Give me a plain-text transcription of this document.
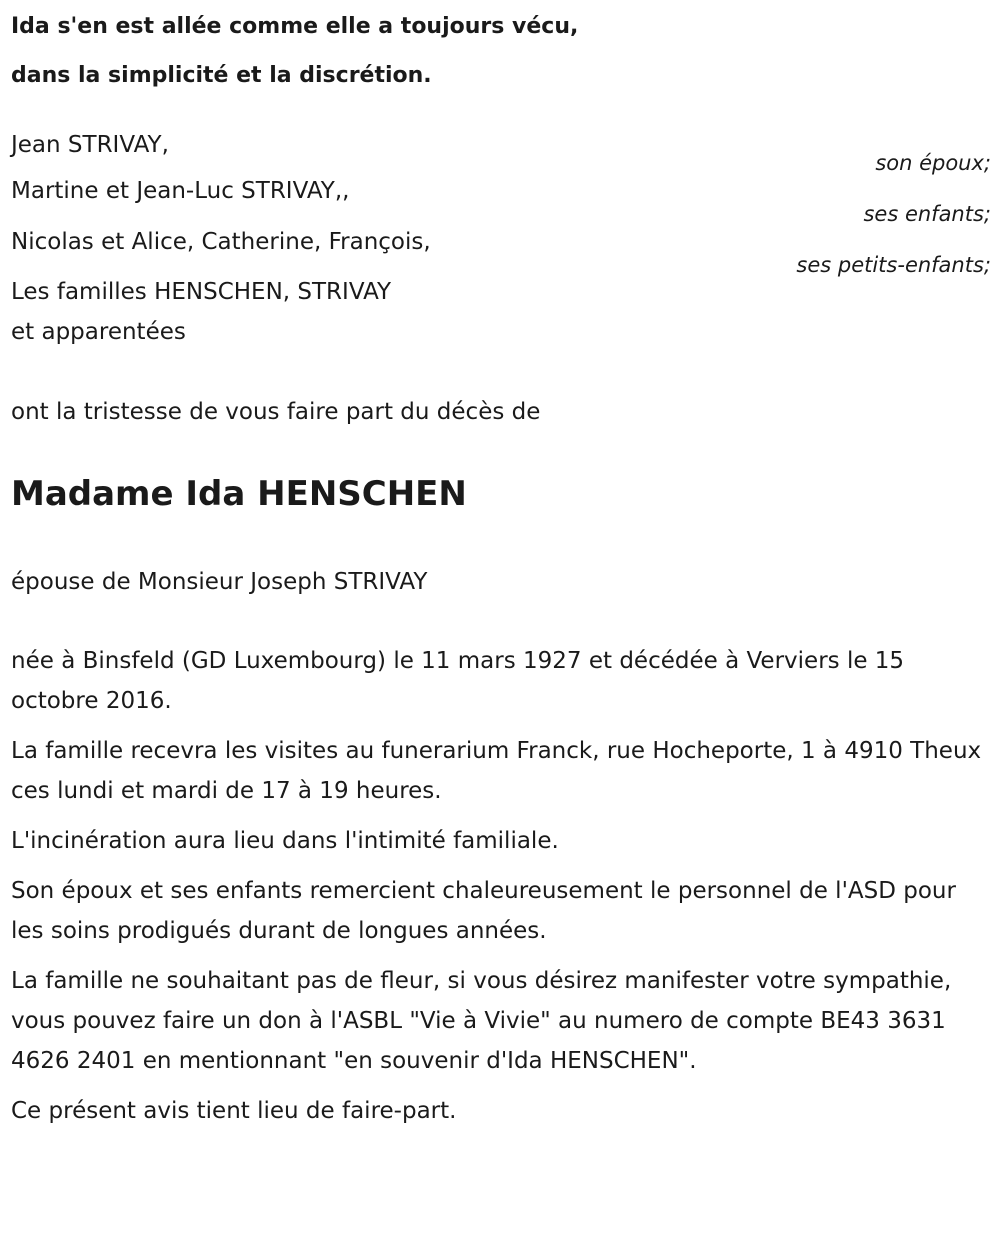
Ida s'en est allée comme elle a toujours vécu,
dans la simplicité et la discrétion.
Jean STRIVAY,
son époux;
Martine et Jean-Luc STRIVAY,,
ses enfants;
Nicolas et Alice, Catherine, François,
ses petits-enfants;
Les familles HENSCHEN, STRIVAY
et apparentées
ont la tristesse de vous faire part du décès de
Madame Ida HENSCHEN
épouse de Monsieur Joseph STRIVAY

née à Binsfeld (GD Luxembourg) le 11 mars 1927 et décédée à Verviers le 15 octobre 2016.

La famille recevra les visites au funerarium Franck, rue Hocheporte, 1 à 4910 Theux ces lundi et mardi de 17 à 19 heures.

L'incinération aura lieu dans l'intimité familiale.

Son époux et ses enfants remercient chaleureusement le personnel de l'ASD pour les soins prodigués durant de longues années.

La famille ne souhaitant pas de fleur, si vous désirez manifester votre sympathie, vous pouvez faire un don à l'ASBL "Vie à Vivie" au numero de compte BE43 3631 4626 2401 en mentionnant "en souvenir d'Ida HENSCHEN".

Ce présent avis tient lieu de faire-part.
